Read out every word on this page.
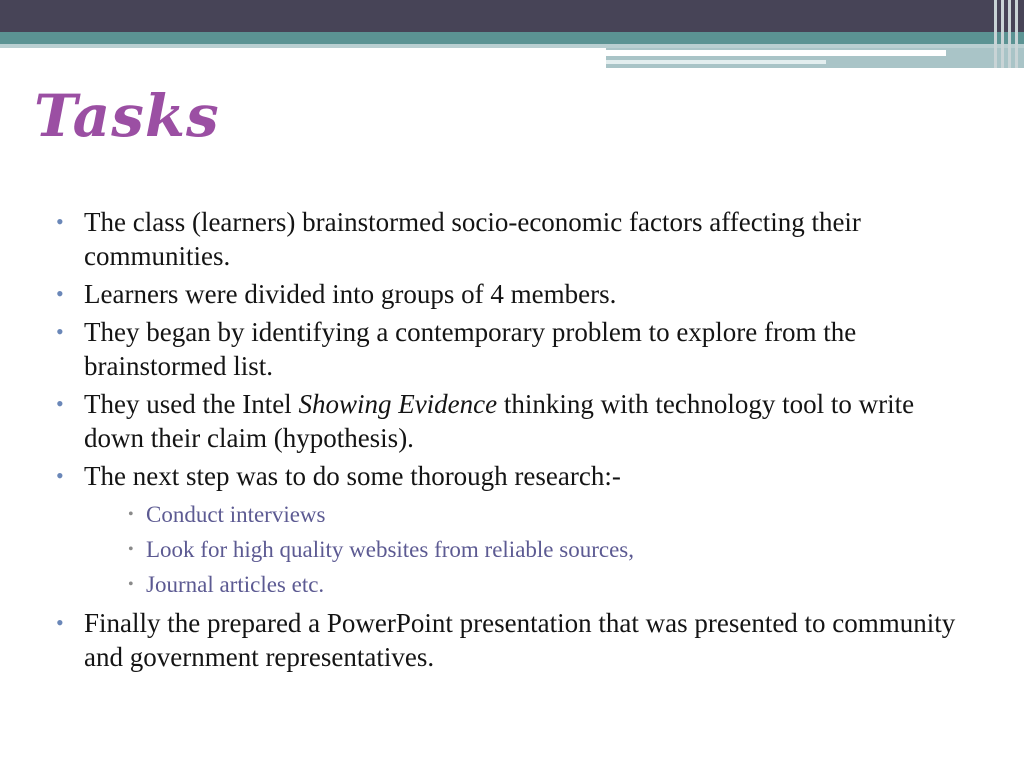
Tasks
• The class (learners) brainstormed socio-economic factors affecting their communities.
• Learners were divided into groups of 4 members.
• They began by identifying a contemporary problem to explore from the brainstormed list.
• They used the Intel Showing Evidence thinking with technology tool to write down their claim (hypothesis).
• The next step was to do some thorough research:-
• Conduct interviews
• Look for high quality websites from reliable sources,
• Journal articles etc.
• Finally the prepared a PowerPoint presentation that was presented to community and government representatives.
